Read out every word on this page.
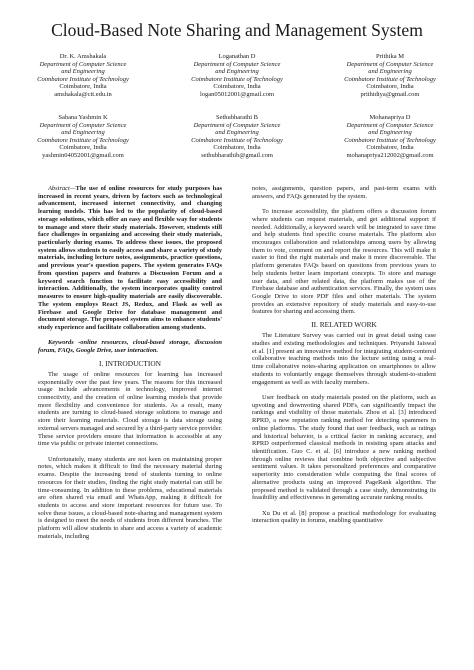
Cloud-Based Note Sharing and Management System
Dr. K. Amshakala
Department of Computer Science
and Engineering
Coimbatore Institute of Technology
Coimbatore, India
amshakala@cit.edu.in
Loganathan D
Department of Computer Science
and Engineering
Coimbatore Institute of Technology
Coimbatore, India
logan05012001@gmail.com
Prithika M
Department of Computer Science
and Engineering
Coimbatore Institute of Technology
Coimbatore, India
prithidiya@gmail.com
Sabana Yashmin K
Department of Computer Science
and Engineering
Coimbatore Institute of Technology
Coimbatore, India
yashmin04052001@gmail.com
Sethubharathi B
Department of Computer Science
and Engineering
Coimbatore Institute of Technology
Coimbatore, India
sethubharathib@gmail.com
Mohanapriya D
Department of Computer Science
and Engineering
Coimbatore Institute of Technology
Coimbatore, India
mohanapriya212002@gmail.com

Abstract—The use of online resources for study purposes has increased in recent years, driven by factors such as technological advancement, increased internet connectivity, and changing learning models. This has led to the popularity of cloud-based storage solutions, which offer an easy and flexible way for students to manage and store their study materials. However, students still face challenges in organizing and accessing their study materials, particularly during exams. To address these issues, the proposed system allows students to easily access and share a variety of study materials, including lecture notes, assignments, practice questions, and previous year's question papers. The system generates FAQs from question papers and features a Discussion Forum and a keyword search function to facilitate easy accessibility and interaction. Additionally, the system incorporates quality control measures to ensure high-quality materials are easily discoverable. The system employs React JS, Redux, and Flask as well as Firebase and Google Drive for database management and document storage. The proposed system aims to enhance students' study experience and facilitate collaboration among students.

Keywords -online resources, cloud-based storage, discussion forum, FAQs, Google Drive, user interaction.

I. INTRODUCTION

The usage of online resources for learning has increased exponentially over the past few years. The reasons for this increased usage include advancements in technology, improved internet connectivity, and the creation of online learning models that provide more flexibility and convenience for students. As a result, many students are turning to cloud-based storage solutions to manage and store their learning materials. Cloud storage is data storage using external servers managed and secured by a third-party service provider. These service providers ensure that information is accessible at any time via public or private internet connections.

Unfortunately, many students are not keen on maintaining proper notes, which makes it difficult to find the necessary material during exams. Despite the increasing trend of students turning to online resources for their studies, finding the right study material can still be time-consuming. In addition to these problems, educational materials are often shared via email and WhatsApp, making it difficult for students to access and store important resources for future use. To solve these issues, a cloud-based note-sharing and management system is designed to meet the needs of students from different branches. The platform will allow students to share and access a variety of academic materials, including

notes, assignments, question papers, and past-term exams with answers, and FAQs generated by the system.

To increase accessibility, the platform offers a discussion forum where students can request materials, and get additional support if needed. Additionally, a keyword search will be integrated to save time and help students find specific course materials. The platform also encourages collaboration and relationships among users by allowing them to vote, comment on and report the resources. This will make it easier to find the right materials and make it more discoverable. The platform generates FAQs based on questions from previous years to help students better learn important concepts. To store and manage user data, and other related data, the platform makes use of the Firebase database and authentication services. Finally, the system uses Google Drive to store PDF files and other materials. The system provides an extensive repository of study materials and easy-to-use features for sharing and accessing them.

II. RELATED WORK

The Literature Survey was carried out in great detail using case studies and existing methodologies and techniques. Priyanshi Jaiswal et al. [1] present an innovative method for integrating student-centered collaborative teaching methods into the lecture setting using a real-time collaborative notes-sharing application on smartphones to allow students to voluntarily engage themselves through student-to-student engagement as well as with faculty members.

User feedback on study materials posted on the platform, such as upvoting and downvoting shared PDFs, can significantly impact the rankings and visibility of those materials. Zhou et al. [3] introduced RPRD, a new reputation ranking method for detecting spammers in online platforms. The study found that user feedback, such as ratings and historical behavior, is a critical factor in ranking accuracy, and RPRD outperformed classical methods in resisting spam attacks and identification. Guo C. et al. [6] introduce a new ranking method through online reviews that combine both objective and subjective sentiment values. It takes personalized preferences and comparative superiority into consideration while computing the final scores of alternative products using an improved PageRank algorithm. The proposed method is validated through a case study, demonstrating its feasibility and effectiveness in generating accurate ranking results.

Xu Du et al. [8] propose a practical methodology for evaluating interaction quality in forums, enabling quantitative
